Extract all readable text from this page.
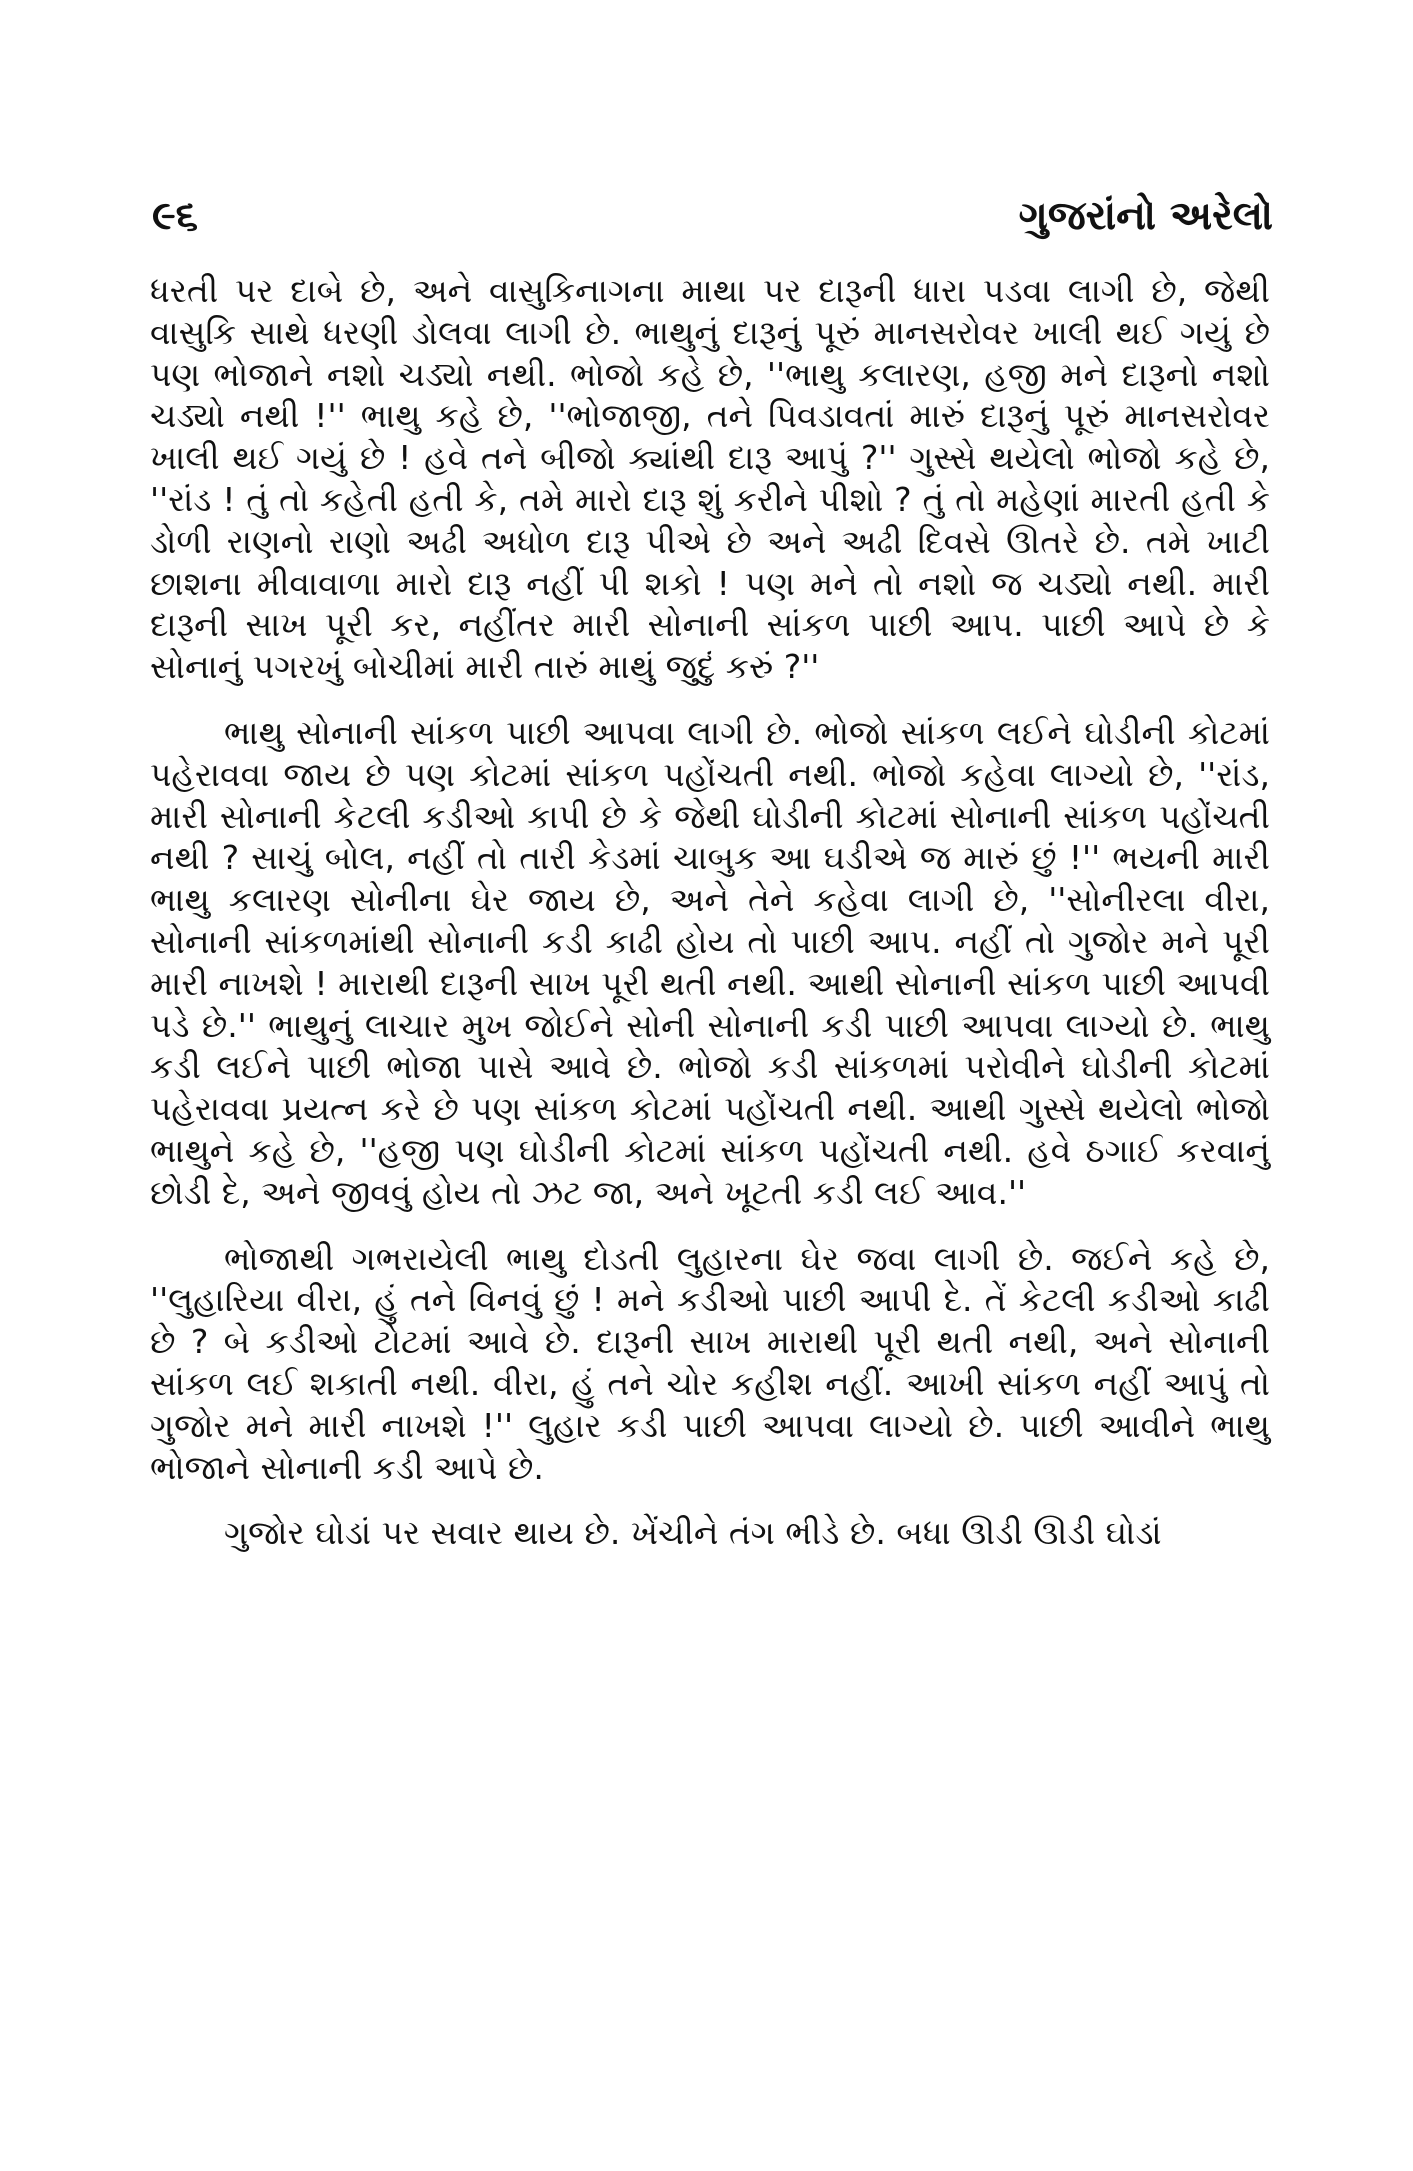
૯૬	ગુજરાંનો અરેલો

ધરતી પર દાબે છે, અને વાસુકિનાગના માથા પર દારૂની ધારા પડવા લાગી છે, જેથી વાસુકિ સાથે ધરણી ડોલવા લાગી છે. ભાથુનું દારૂનું પૂરું માનસરોવર ખાલી થઈ ગયું છે પણ ભોજાને નશો ચડ્યો નથી. ભોજો કહે છે, ''ભાથુ કલારણ, હજી મને દારૂનો નશો ચડ્યો નથી !'' ભાથુ કહે છે, ''ભોજાજી, તને પિવડાવતાં મારું દારૂનું પૂરું માનસરોવર ખાલી થઈ ગયું છે ! હવે તને બીજો ક્યાંથી દારૂ આપું ?'' ગુસ્સે થયેલો ભોજો કહે છે, ''રાંડ ! તું તો કહેતી હતી કે, તમે મારો દારૂ શું કરીને પીશો ? તું તો મહેણાં મારતી હતી કે ડોળી રાણનો રાણો અઢી અધોળ દારૂ પીએ છે અને અઢી દિવસે ઊતરે છે. તમે ખાટી છાશના મીવાવાળા મારો દારૂ નહીં પી શકો ! પણ મને તો નશો જ ચડ્યો નથી. મારી દારૂની સાખ પૂરી કર, નહીંતર મારી સોનાની સાંકળ પાછી આપ. પાછી આપે છે કે સોનાનું પગરખું બોચીમાં મારી તારું માથું જુદું કરું ?''

ભાથુ સોનાની સાંકળ પાછી આપવા લાગી છે. ભોજો સાંકળ લઈને ઘોડીની કોટમાં પહેરાવવા જાય છે પણ કોટમાં સાંકળ પહોંચતી નથી. ભોજો કહેવા લાગ્યો છે, ''રાંડ, મારી સોનાની કેટલી કડીઓ કાપી છે કે જેથી ઘોડીની કોટમાં સોનાની સાંકળ પહોંચતી નથી ? સાચું બોલ, નહીં તો તારી કેડમાં ચાબુક આ ઘડીએ જ મારું છું !'' ભયની મારી ભાથુ કલારણ સોનીના ઘેર જાય છે, અને તેને કહેવા લાગી છે, ''સોનીરલા વીરા, સોનાની સાંકળમાંથી સોનાની કડી કાઢી હોય તો પાછી આપ. નહીં તો ગુજોર મને પૂરી મારી નાખશે ! મારાથી દારૂની સાખ પૂરી થતી નથી. આથી સોનાની સાંકળ પાછી આપવી પડે છે.'' ભાથુનું લાચાર મુખ જોઈને સોની સોનાની કડી પાછી આપવા લાગ્યો છે. ભાથુ કડી લઈને પાછી ભોજા પાસે આવે છે. ભોજો કડી સાંકળમાં પરોવીને ઘોડીની કોટમાં પહેરાવવા પ્રયત્ન કરે છે પણ સાંકળ કોટમાં પહોંચતી નથી. આથી ગુસ્સે થયેલો ભોજો ભાથુને કહે છે, ''હજી પણ ઘોડીની કોટમાં સાંકળ પહોંચતી નથી. હવે ઠગાઈ કરવાનું છોડી દે, અને જીવવું હોય તો ઝટ જા, અને ખૂટતી કડી લઈ આવ.''

ભોજાથી ગભરાયેલી ભાથુ દોડતી લુહારના ઘેર જવા લાગી છે. જઈને કહે છે, ''લુહારિયા વીરા, હું તને વિનવું છું ! મને કડીઓ પાછી આપી દે. તેં કેટલી કડીઓ કાઢી છે ? બે કડીઓ ટોટમાં આવે છે. દારૂની સાખ મારાથી પૂરી થતી નથી, અને સોનાની સાંકળ લઈ શકાતી નથી. વીરા, હું તને ચોર કહીશ નહીં. આખી સાંકળ નહીં આપું તો ગુજોર મને મારી નાખશે !'' લુહાર કડી પાછી આપવા લાગ્યો છે. પાછી આવીને ભાથુ ભોજાને સોનાની કડી આપે છે.

ગુજોર ઘોડાં પર સવાર થાય છે. ખેંચીને તંગ ભીડે છે. બધા ઊડી ઊડી ઘોડાં
